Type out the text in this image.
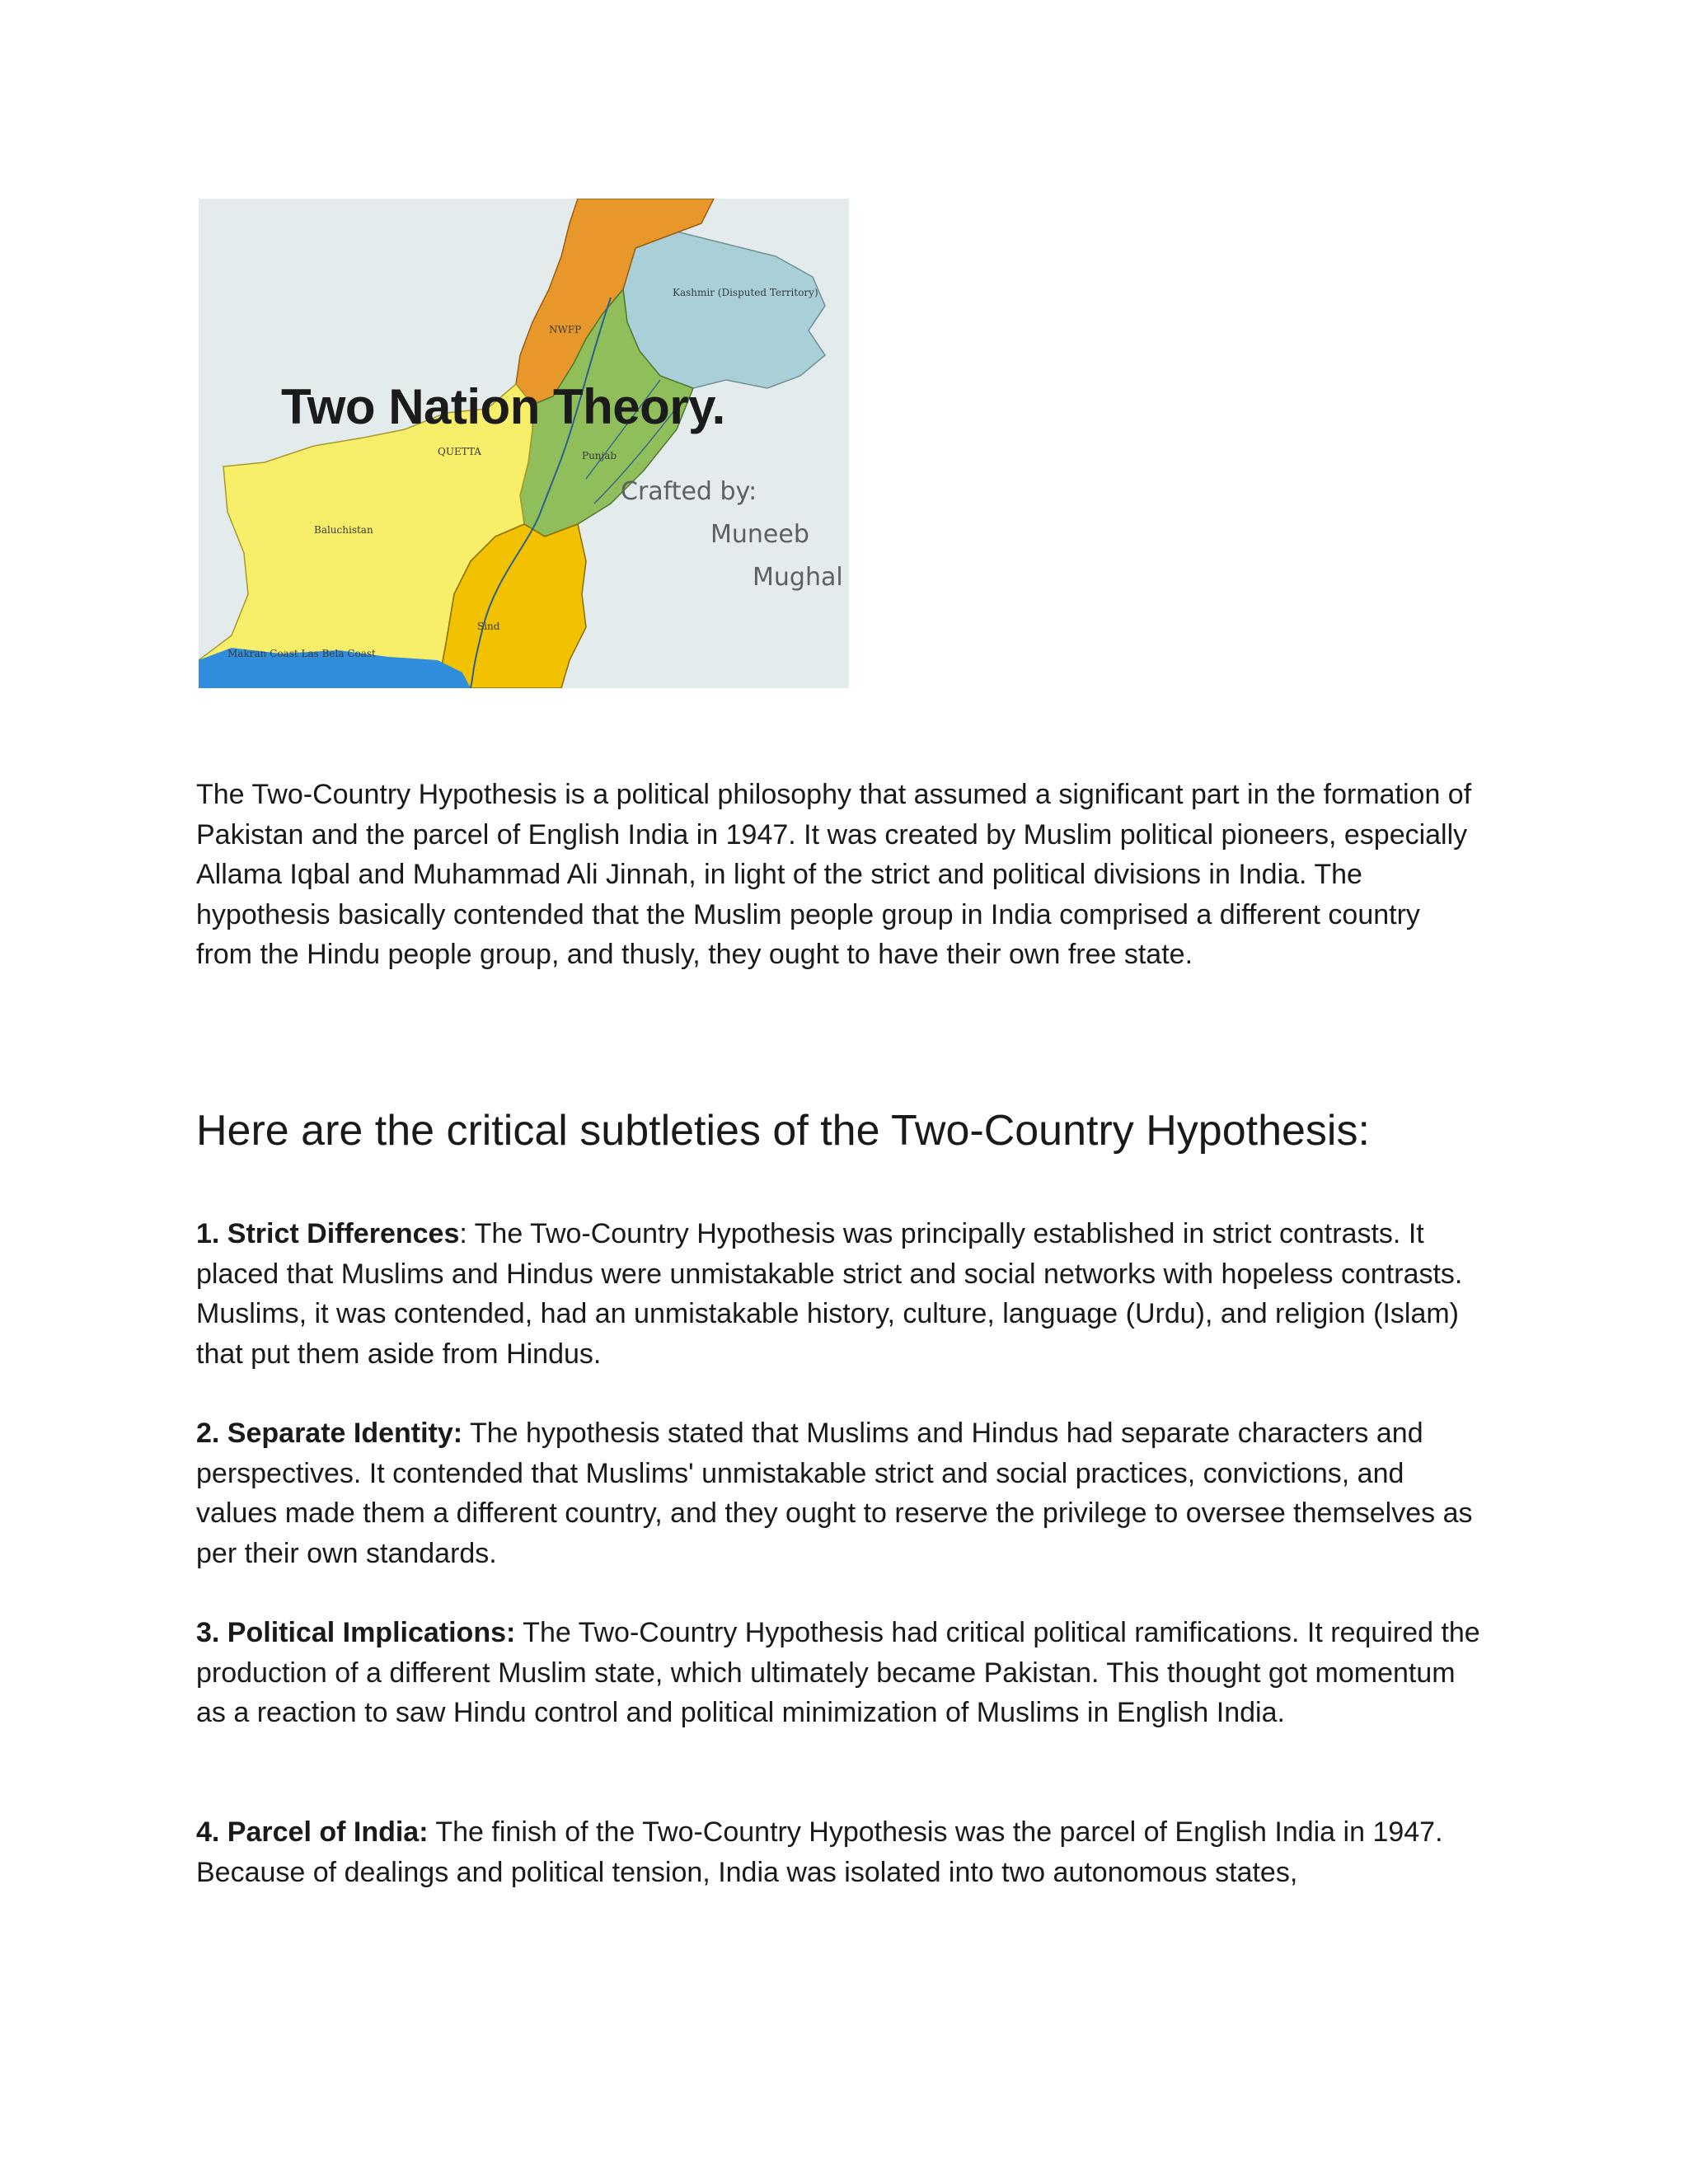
Kashmir (Disputed Territory)
NWFP
Punjab
Sind
Baluchistan
QUETTA
Makran Coast Las Bela Coast
Two Nation Theory.
Crafted by:
Muneeb
Mughal

The Two-Country Hypothesis is a political philosophy that assumed a significant part in the formation of Pakistan and the parcel of English India in 1947. It was created by Muslim political pioneers, especially Allama Iqbal and Muhammad Ali Jinnah, in light of the strict and political divisions in India. The hypothesis basically contended that the Muslim people group in India comprised a different country from the Hindu people group, and thusly, they ought to have their own free state.

Here are the critical subtleties of the Two-Country Hypothesis:

1. Strict Differences: The Two-Country Hypothesis was principally established in strict contrasts. It placed that Muslims and Hindus were unmistakable strict and social networks with hopeless contrasts. Muslims, it was contended, had an unmistakable history, culture, language (Urdu), and religion (Islam) that put them aside from Hindus.

2. Separate Identity: The hypothesis stated that Muslims and Hindus had separate characters and perspectives. It contended that Muslims' unmistakable strict and social practices, convictions, and values made them a different country, and they ought to reserve the privilege to oversee themselves as per their own standards.

3. Political Implications: The Two-Country Hypothesis had critical political ramifications. It required the production of a different Muslim state, which ultimately became Pakistan. This thought got momentum as a reaction to saw Hindu control and political minimization of Muslims in English India.

4. Parcel of India: The finish of the Two-Country Hypothesis was the parcel of English India in 1947. Because of dealings and political tension, India was isolated into two autonomous states,
